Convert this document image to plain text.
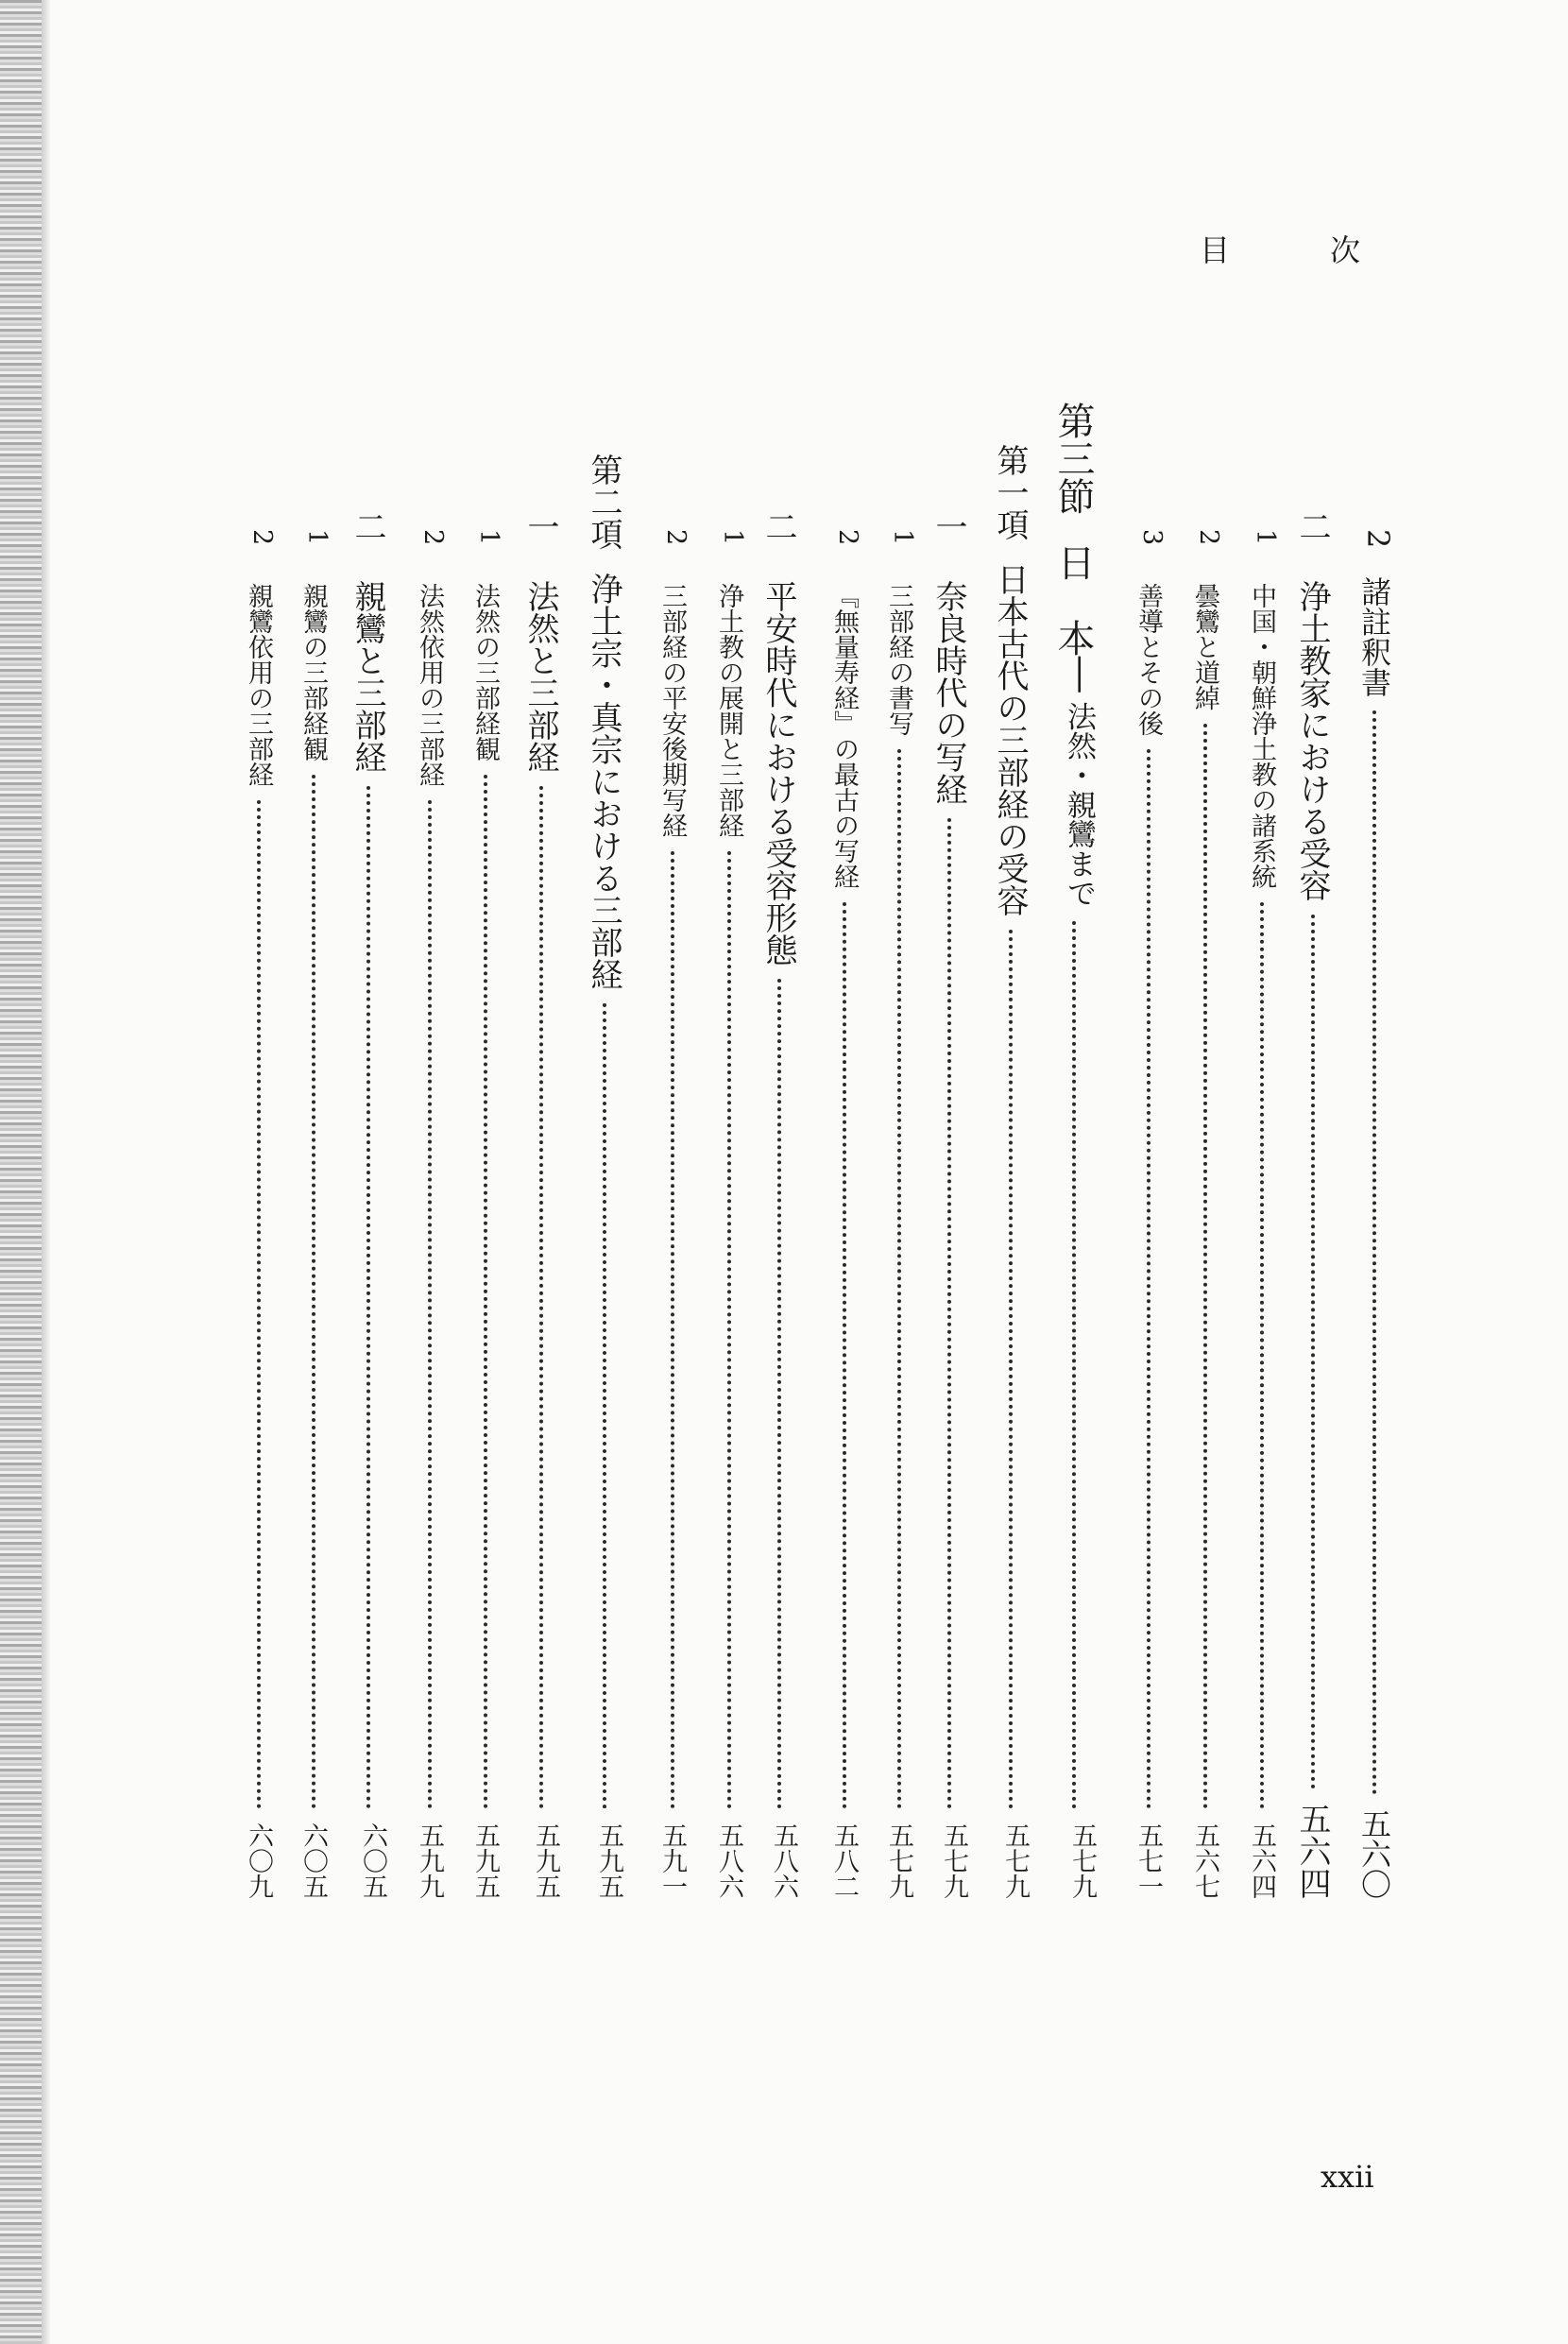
目	次
2
諸註釈書
五六〇
二
浄土教家における受容
五六四
1
中国・朝鮮浄土教の諸系統
五六四
2
曇鸞と道綽
五六七
3
善導とその後
五七一
第三節
日　本
── 法然・親鸞まで
五七九
第一項
日本古代の三部経の受容
五七九
一
奈良時代の写経
五七九
1
三部経の書写
五七九
2
『無量寿経』の最古の写経
五八二
二
平安時代における受容形態
五八六
1
浄土教の展開と三部経
五八六
2
三部経の平安後期写経
五九一
第二項
浄土宗・真宗における三部経
五九五
一
法然と三部経
五九五
1
法然の三部経観
五九五
2
法然依用の三部経
五九九
二
親鸞と三部経
六〇五
1
親鸞の三部経観
六〇五
2
親鸞依用の三部経
六〇九
xxii
